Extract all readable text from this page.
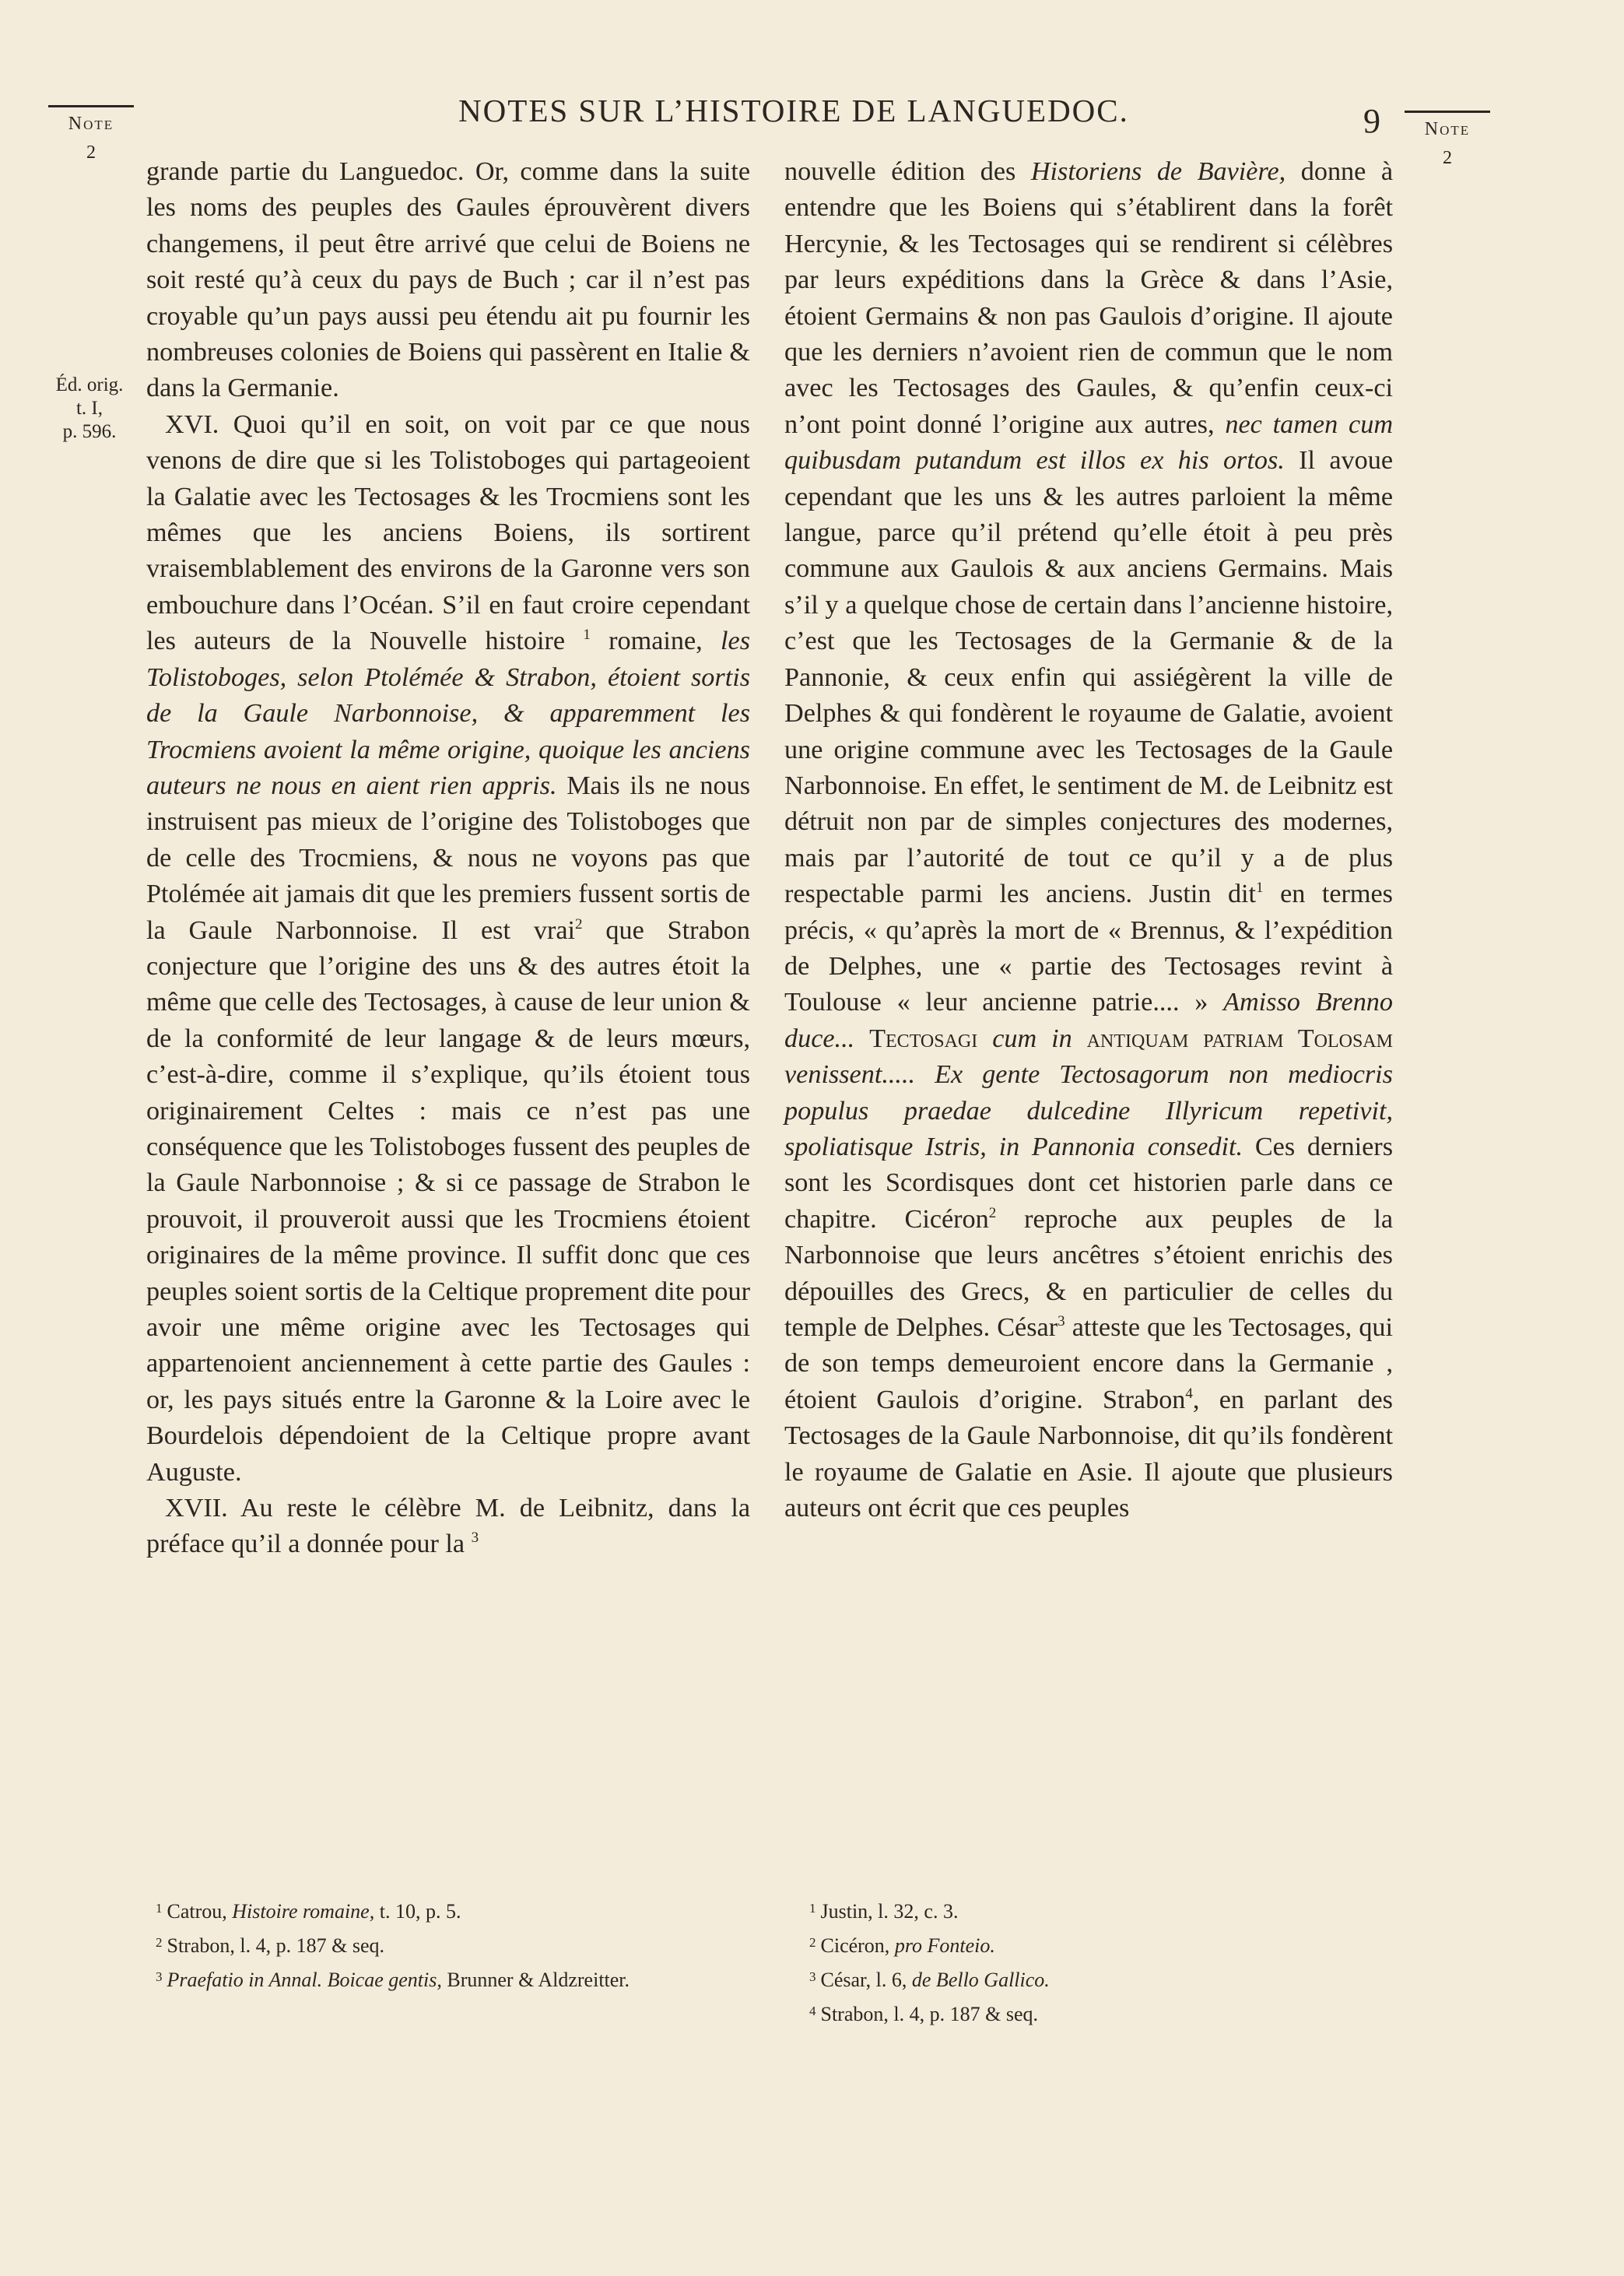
Note
2
NOTES SUR L’HISTOIRE DE LANGUEDOC.	9	Note
2
Éd. orig.
t. I,
p. 596.

grande partie du Languedoc. Or, comme dans la suite les noms des peuples des Gaules éprouvèrent divers changemens, il peut être arrivé que celui de Boiens ne soit resté qu’à ceux du pays de Buch ; car il n’est pas croyable qu’un pays aussi peu étendu ait pu fournir les nombreuses colonies de Boiens qui passèrent en Italie & dans la Germanie.

XVI. Quoi qu’il en soit, on voit par ce que nous venons de dire que si les Tolistoboges qui partageoient la Galatie avec les Tectosages & les Trocmiens sont les mêmes que les anciens Boiens, ils sortirent vraisemblablement des environs de la Garonne vers son embouchure dans l’Océan. S’il en faut croire cependant les auteurs de la Nouvelle histoire $^1$ romaine, les Tolistoboges, selon Ptolémée & Strabon, étoient sortis de la Gaule Narbonnoise, & apparemment les Trocmiens avoient la même origine, quoique les anciens auteurs ne nous en aient rien appris. Mais ils ne nous instruisent pas mieux de l’origine des Tolistoboges que de celle des Trocmiens, & nous ne voyons pas que Ptolémée ait jamais dit que les premiers fussent sortis de la Gaule Narbonnoise. Il est vrai$^2$ que Strabon conjecture que l’origine des uns & des autres étoit la même que celle des Tectosages, à cause de leur union & de la conformité de leur langage & de leurs mœurs, c’est-à-dire, comme il s’explique, qu’ils étoient tous originairement Celtes : mais ce n’est pas une conséquence que les Tolistoboges fussent des peuples de la Gaule Narbonnoise ; & si ce passage de Strabon le prouvoit, il prouveroit aussi que les Trocmiens étoient originaires de la même province. Il suffit donc que ces peuples soient sortis de la Celtique proprement dite pour avoir une même origine avec les Tectosages qui appartenoient anciennement à cette partie des Gaules : or, les pays situés entre la Garonne & la Loire avec le Bourdelois dépendoient de la Celtique propre avant Auguste.

XVII. Au reste le célèbre M. de Leibnitz, dans la préface qu’il a donnée pour la $^3$

nouvelle édition des Historiens de Bavière, donne à entendre que les Boiens qui s’établirent dans la forêt Hercynie, & les Tectosages qui se rendirent si célèbres par leurs expéditions dans la Grèce & dans l’Asie, étoient Germains & non pas Gaulois d’origine. Il ajoute que les derniers n’avoient rien de commun que le nom avec les Tectosages des Gaules, & qu’enfin ceux-ci n’ont point donné l’origine aux autres, nec tamen cum quibusdam putandum est illos ex his ortos. Il avoue cependant que les uns & les autres parloient la même langue, parce qu’il prétend qu’elle étoit à peu près commune aux Gaulois & aux anciens Germains. Mais s’il y a quelque chose de certain dans l’ancienne histoire, c’est que les Tectosages de la Germanie & de la Pannonie, & ceux enfin qui assiégèrent la ville de Delphes & qui fondèrent le royaume de Galatie, avoient une origine commune avec les Tectosages de la Gaule Narbonnoise. En effet, le sentiment de M. de Leibnitz est détruit non par de simples conjectures des modernes, mais par l’autorité de tout ce qu’il y a de plus respectable parmi les anciens. Justin dit$^1$ en termes précis, « qu’après la mort de « Brennus, & l’expédition de Delphes, une « partie des Tectosages revint à Toulouse « leur ancienne patrie.... » Amisso Brenno duce... Tectosagi cum in antiquam patriam Tolosam venissent..... Ex gente Tectosagorum non mediocris populus praedae dulcedine Illyricum repetivit, spoliatisque Istris, in Pannonia consedit. Ces derniers sont les Scordisques dont cet historien parle dans ce chapitre. Cicéron$^2$ reproche aux peuples de la Narbonnoise que leurs ancêtres s’étoient enrichis des dépouilles des Grecs, & en particulier de celles du temple de Delphes. César$^3$ atteste que les Tectosages, qui de son temps demeuroient encore dans la Germanie , étoient Gaulois d’origine. Strabon$^4$, en parlant des Tectosages de la Gaule Narbonnoise, dit qu’ils fondèrent le royaume de Galatie en Asie. Il ajoute que plusieurs auteurs ont écrit que ces peuples

$^1$ Catrou, Histoire romaine, t. 10, p. 5.

$^2$ Strabon, l. 4, p. 187 & seq.

$^3$ Praefatio in Annal. Boicae gentis, Brunner & Aldzreitter.

$^1$ Justin, l. 32, c. 3.

$^2$ Cicéron, pro Fonteio.

$^3$ César, l. 6, de Bello Gallico.

$^4$ Strabon, l. 4, p. 187 & seq.
